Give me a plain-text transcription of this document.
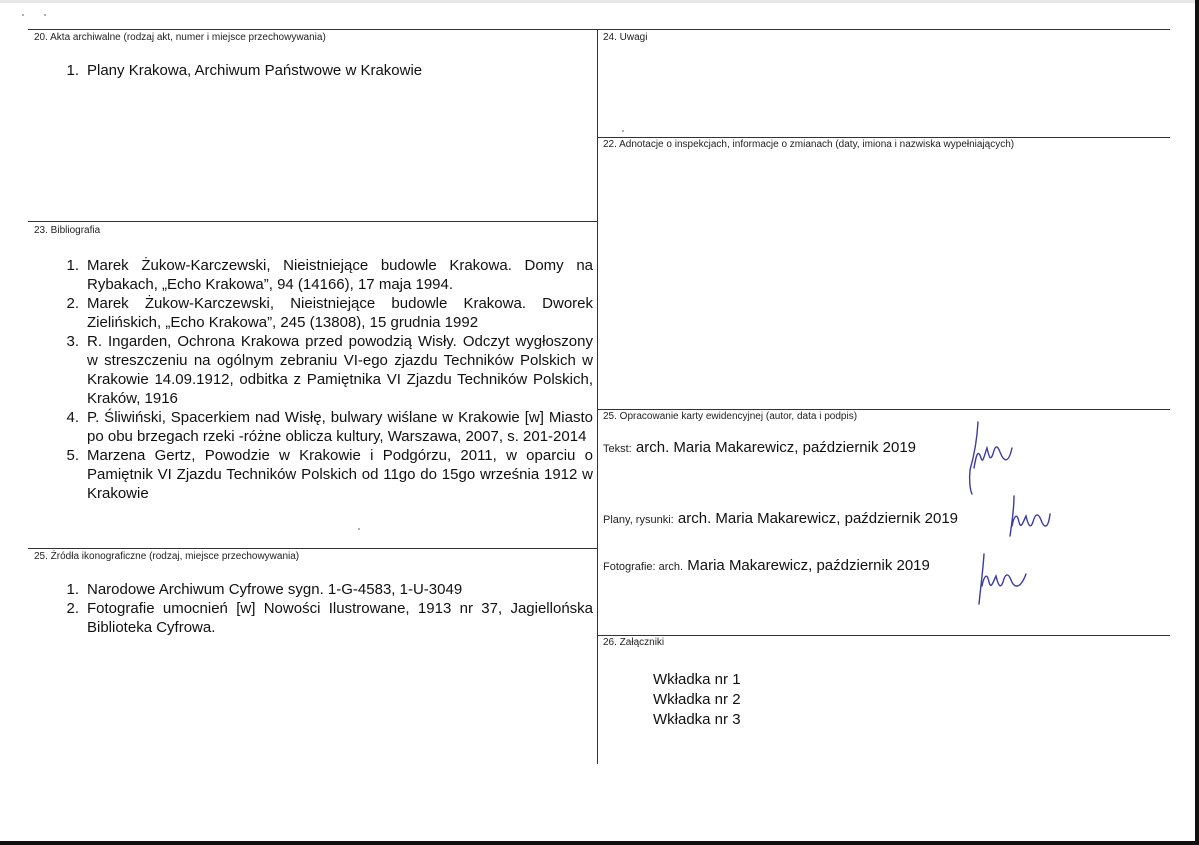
20. Akta archiwalne (rodzaj akt, numer i miejsce przechowywania)
1. Plany Krakowa, Archiwum Państwowe w Krakowie
24. Uwagi
22. Adnotacje o inspekcjach, informacje o zmianach (daty, imiona i nazwiska wypełniających)
23. Bibliografia
1. Marek Żukow-Karczewski, Nieistniejące budowle Krakowa. Domy na Rybakach, „Echo Krakowa”, 94 (14166), 17 maja 1994.
2. Marek Żukow-Karczewski, Nieistniejące budowle Krakowa. Dworek Zielińskich, „Echo Krakowa”, 245 (13808), 15 grudnia 1992
3. R. Ingarden, Ochrona Krakowa przed powodzią Wisły. Odczyt wygłoszony w streszczeniu na ogólnym zebraniu VI-ego zjazdu Techników Polskich w Krakowie 14.09.1912, odbitka z Pamiętnika VI Zjazdu Techników Polskich, Kraków, 1916
4. P. Śliwiński, Spacerkiem nad Wisłę, bulwary wiślane w Krakowie [w] Miasto po obu brzegach rzeki -różne oblicza kultury, Warszawa, 2007, s. 201-2014
5. Marzena Gertz, Powodzie w Krakowie i Podgórzu, 2011, w oparciu o Pamiętnik VI Zjazdu Techników Polskich od 11go do 15go września 1912 w Krakowie
25. Źródła ikonograficzne (rodzaj, miejsce przechowywania)
1. Narodowe Archiwum Cyfrowe sygn. 1-G-4583, 1-U-3049
2. Fotografie umocnień [w] Nowości Ilustrowane, 1913 nr 37, Jagiellońska Biblioteka Cyfrowa.
25. Opracowanie karty ewidencyjnej (autor, data i podpis)
Tekst: arch. Maria Makarewicz, październik 2019
Plany, rysunki: arch. Maria Makarewicz, październik 2019
Fotografie: arch. Maria Makarewicz, październik 2019
26. Załączniki
Wkładka nr 1
Wkładka nr 2
Wkładka nr 3
